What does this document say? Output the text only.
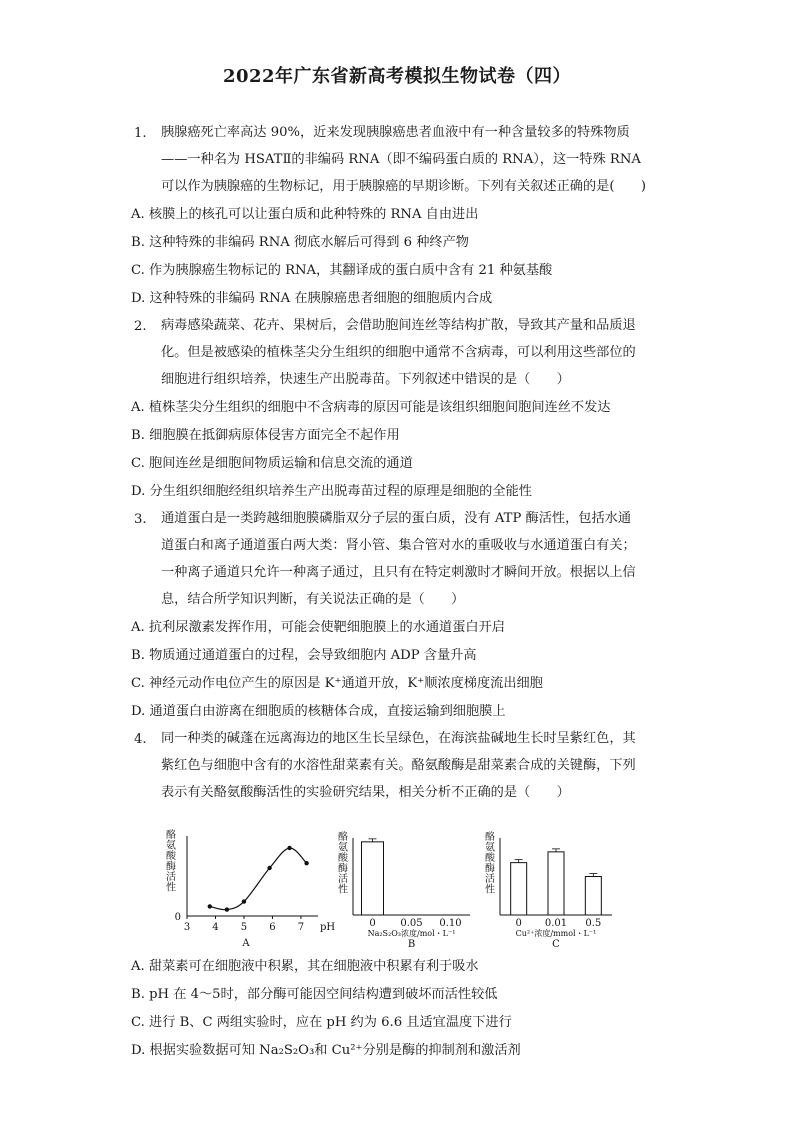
2022年广东省新高考模拟生物试卷（四）
1. 胰腺癌死亡率高达 90%，近来发现胰腺癌患者血液中有一种含量较多的特殊物质
——一种名为 HSATⅡ的非编码 RNA（即不编码蛋白质的 RNA），这一特殊 RNA
可以作为胰腺癌的生物标记，用于胰腺癌的早期诊断。下列有关叙述正确的是(　　)
A. 核膜上的核孔可以让蛋白质和此种特殊的 RNA 自由进出
B. 这种特殊的非编码 RNA 彻底水解后可得到 6 种终产物
C. 作为胰腺癌生物标记的 RNA，其翻译成的蛋白质中含有 21 种氨基酸
D. 这种特殊的非编码 RNA 在胰腺癌患者细胞的细胞质内合成
2. 病毒感染蔬菜、花卉、果树后，会借助胞间连丝等结构扩散，导致其产量和品质退
化。但是被感染的植株茎尖分生组织的细胞中通常不含病毒，可以利用这些部位的
细胞进行组织培养，快速生产出脱毒苗。下列叙述中错误的是（　　）
A. 植株茎尖分生组织的细胞中不含病毒的原因可能是该组织细胞间胞间连丝不发达
B. 细胞膜在抵御病原体侵害方面完全不起作用
C. 胞间连丝是细胞间物质运输和信息交流的通道
D. 分生组织细胞经组织培养生产出脱毒苗过程的原理是细胞的全能性
3. 通道蛋白是一类跨越细胞膜磷脂双分子层的蛋白质，没有 ATP 酶活性，包括水通
道蛋白和离子通道蛋白两大类：肾小管、集合管对水的重吸收与水通道蛋白有关；
一种离子通道只允许一种离子通过，且只有在特定刺激时才瞬间开放。根据以上信
息，结合所学知识判断，有关说法正确的是（　　）
A. 抗利尿激素发挥作用，可能会使靶细胞膜上的水通道蛋白开启
B. 物质通过通道蛋白的过程，会导致细胞内 ADP 含量升高
C. 神经元动作电位产生的原因是 K⁺通道开放，K⁺顺浓度梯度流出细胞
D. 通道蛋白由游离在细胞质的核糖体合成，直接运输到细胞膜上
4. 同一种类的碱蓬在远离海边的地区生长呈绿色，在海滨盐碱地生长时呈紫红色，其
紫红色与细胞中含有的水溶性甜菜素有关。酪氨酸酶是甜菜素合成的关键酶，下列
表示有关酪氨酸酶活性的实验研究结果，相关分析不正确的是（　　）
酪氨酸酶活性
0
3 4 5 6 7 pH
A
酪氨酸酶活性
0 0.05 0.10
Na₂S₂O₃浓度/mol・L⁻¹
B
酪氨酸酶活性
0 0.01 0.5
Cu²⁺浓度/mmol・L⁻¹
C
A. 甜菜素可在细胞液中积累，其在细胞液中积累有利于吸水
B. pH 在 4～5时，部分酶可能因空间结构遭到破坏而活性较低
C. 进行 B、C 两组实验时，应在 pH 约为 6.6 且适宜温度下进行
D. 根据实验数据可知 Na₂S₂O₃和 Cu²⁺分别是酶的抑制剂和激活剂
